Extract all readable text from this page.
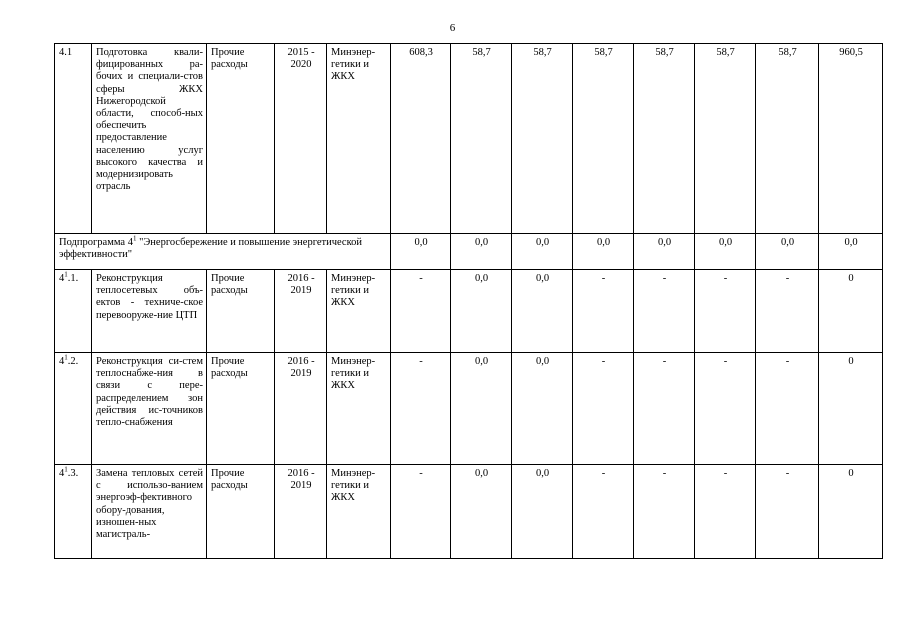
6
4.1	Подготовка квали-фицированных ра-бочих и специали-стов сферы ЖКХ Нижегородской области, способ-ных обеспечить предоставление населению услуг высокого качества и модернизировать отрасль	Прочие расходы	2015 - 2020	Минэнер-гетики и ЖКХ	608,3	58,7	58,7	58,7	58,7	58,7	58,7	960,5
Подпрограмма $4^1$ "Энергосбережение и повышение энергетической эффективности"					0,0	0,0	0,0	0,0	0,0	0,0	0,0	0,0
$4^1.1$.	Реконструкция теплосетевых объ-ектов - техниче-ское перевооруже-ние ЦТП	Прочие расходы	2016 - 2019	Минэнер-гетики и ЖКХ	-	0,0	0,0	-	-	-	-	0
$4^1.2$.	Реконструкция си-стем теплоснабже-ния в связи с пере-распределением зон действия ис-точников тепло-снабжения	Прочие расходы	2016 - 2019	Минэнер-гетики и ЖКХ	-	0,0	0,0	-	-	-	-	0
$4^1.3$.	Замена тепловых сетей с использо-ванием энергоэф-фективного обору-дования, изношен-ных магистраль-	Прочие расходы	2016 - 2019	Минэнер-гетики и ЖКХ	-	0,0	0,0	-	-	-	-	0
